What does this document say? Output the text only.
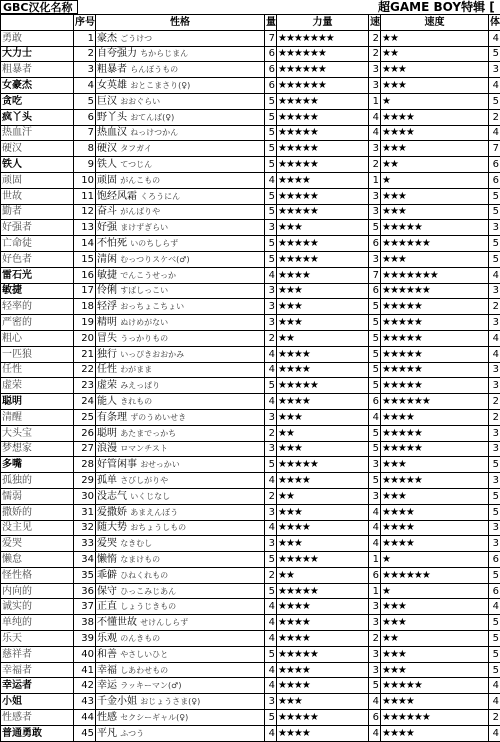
GBC汉化名称	超GAME BOY特辑 [
	序号	性格	量	力量	速	速度	体
勇敢	1	豪杰 ごうけつ	7	★★★★★★★	2	★★	4
大力士	2	自夸强力 ちからじまん	6	★★★★★★	2	★★	5
粗暴者	3	粗暴者 らんぼうもの	6	★★★★★★	3	★★★	3
女豪杰	4	女英雄 おとこまさり(♀)	6	★★★★★★	3	★★★	4
贪吃	5	巨汉 おおぐらい	5	★★★★★	1	★	5
疯丫头	6	野丫头 おてんば(♀)	5	★★★★★	4	★★★★	2
热血汗	7	热血汉 ねっけつかん	5	★★★★★	4	★★★★	4
硬汉	8	硬汉 タフガイ	5	★★★★★	3	★★★	7
铁人	9	铁人 てつじん	5	★★★★★	2	★★	6
顽固	10	顽固 がんこもの	4	★★★★	1	★	6
世故	11	饱经风霜 くろうにん	5	★★★★★	3	★★★	5
勤者	12	奋斗 がんばりや	5	★★★★★	3	★★★	5
好强者	13	好强 まけずぎらい	3	★★★	5	★★★★★	3
亡命徒	14	不怕死 いのちしらず	5	★★★★★	6	★★★★★★	5
好色者	15	清闲 むっつりスケベ(♂)	5	★★★★★	3	★★★	5
雷石光	16	敏捷 でんこうせっか	4	★★★★	7	★★★★★★★	4
敏捷	17	伶俐 すばしっこい	3	★★★	6	★★★★★★	3
轻率的	18	轻浮 おっちょこちょい	3	★★★	5	★★★★★	2
严密的	19	精明 ぬけめがない	3	★★★	5	★★★★★	3
粗心	20	冒失 うっかりもの	2	★★	5	★★★★★	4
一匹狼	21	独行 いっぴきおおかみ	4	★★★★	5	★★★★★	4
任性	22	任性 わがまま	4	★★★★	5	★★★★★	3
虚荣	23	虚荣 みえっぱり	5	★★★★★	5	★★★★★	3
聪明	24	能人 きれもの	4	★★★★	6	★★★★★★	2
清醒	25	有条理 ずのうめいせき	3	★★★	4	★★★★	2
大头宝	26	聪明 あたまでっかち	2	★★	5	★★★★★	3
梦想家	27	浪漫 ロマンチスト	3	★★★	5	★★★★★	3
多嘴	28	好管闲事 おせっかい	5	★★★★★	3	★★★	5
孤独的	29	孤单 さびしがりや	4	★★★★	5	★★★★★	3
懦弱	30	没志气 いくじなし	2	★★	3	★★★	5
撒娇的	31	爱撒娇 あまえんぼう	3	★★★	4	★★★★	5
没主见	32	随大势 おちょうしもの	4	★★★★	4	★★★★	3
爱哭	33	爱哭 なきむし	3	★★★	4	★★★★	3
懒怠	34	懒惰 なまけもの	5	★★★★★	1	★	6
怪性格	35	乖僻 ひねくれもの	2	★★	6	★★★★★★	5
内向的	36	保守 ひっこみじあん	5	★★★★★	1	★	6
诚实的	37	正直 しょうじきもの	4	★★★★	3	★★★	4
单纯的	38	不懂世故 せけんしらず	4	★★★★	3	★★★	5
乐天	39	乐观 のんきもの	4	★★★★	2	★★	5
慈祥者	40	和善 やさしいひと	5	★★★★★	3	★★★	5
幸福者	41	幸福 しあわせもの	4	★★★★	3	★★★	5
幸运者	42	幸运 ラッキーマン(♂)	4	★★★★	5	★★★★★	4
小姐	43	千金小姐 おじょうさま(♀)	3	★★★	4	★★★★	4
性感者	44	性感 セクシーギャル(♀)	5	★★★★★	6	★★★★★★	2
普通勇敢	45	平凡 ふつう	4	★★★★	4	★★★★	4
